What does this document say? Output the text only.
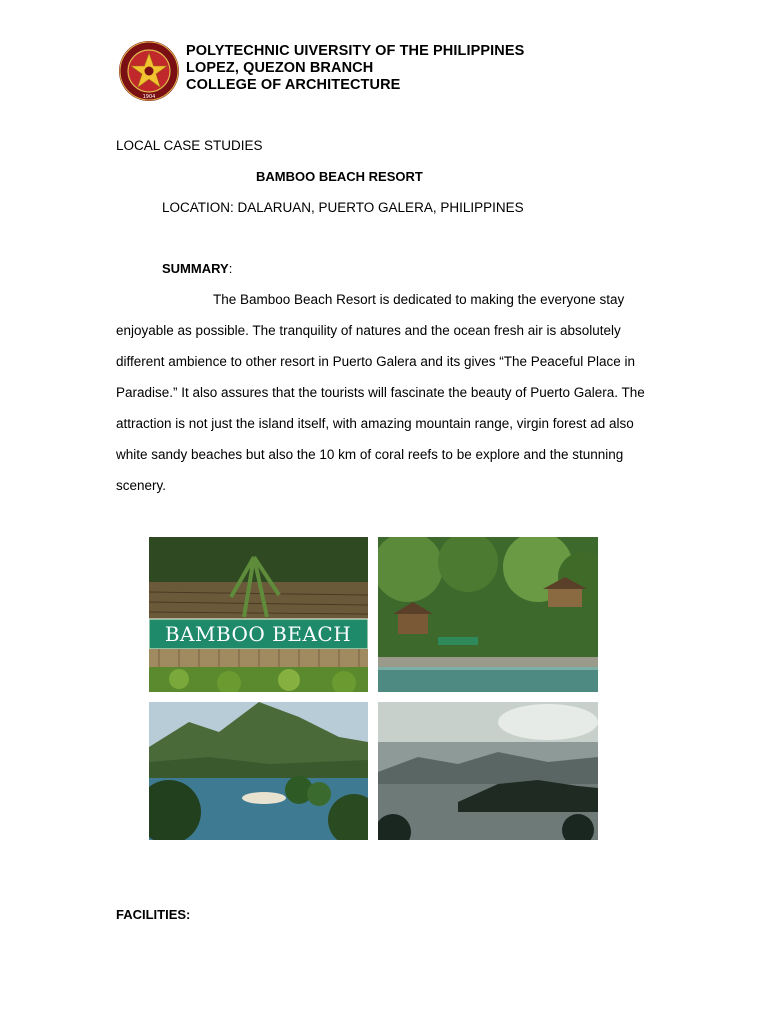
1904
POLYTECHNIC UIVERSITY OF THE PHILIPPINES
LOPEZ, QUEZON BRANCH
COLLEGE OF ARCHITECTURE
LOCAL CASE STUDIES
BAMBOO BEACH RESORT
LOCATION: DALARUAN, PUERTO GALERA, PHILIPPINES
SUMMARY:
The Bamboo Beach Resort is dedicated to making the everyone stay
enjoyable as possible. The tranquility of natures and the ocean fresh air is absolutely
different ambience to other resort in Puerto Galera and its gives “The Peaceful Place in
Paradise.” It also assures that the tourists will fascinate the beauty of Puerto Galera. The
attraction is not just the island itself, with amazing mountain range, virgin forest ad also
white sandy beaches but also the 10 km of coral reefs to be explore and the stunning
scenery.
BAMBOO BEACH
FACILITIES:
